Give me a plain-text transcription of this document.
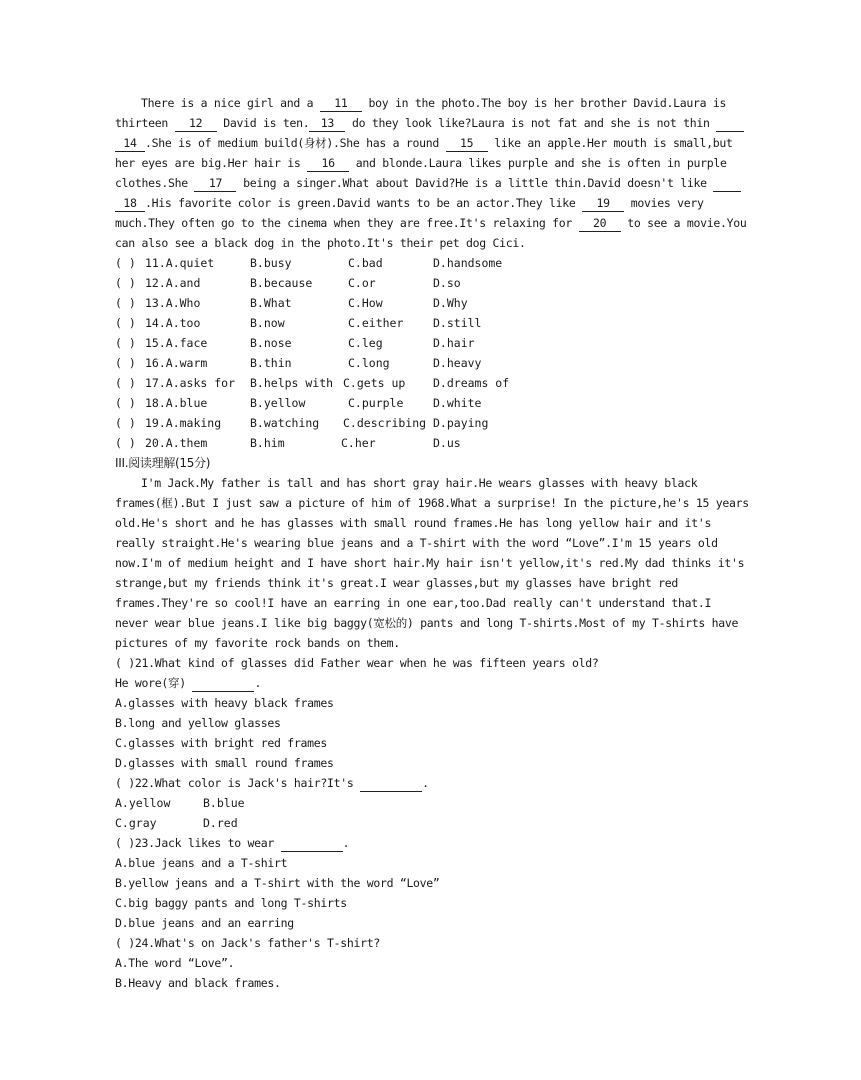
There is a nice girl and a 11 boy in the photo.The boy is her brother David.Laura is
thirteen 12 David is ten. 13 do they look like?Laura is not fat and she is not thin
14 .She is of medium build(身材).She has a round 15 like an apple.Her mouth is small,but
her eyes are big.Her hair is 16 and blonde.Laura likes purple and she is often in purple
clothes.She 17 being a singer.What about David?He is a little thin.David doesn't like
18 .His favorite color is green.David wants to be an actor.They like 19 movies very
much.They often go to the cinema when they are free.It's relaxing for 20 to see a movie.You
can also see a black dog in the photo.It's their pet dog Cici.
( ) 11.A.quiet	B.busy	C.bad	D.handsome
( ) 12.A.and	B.because	C.or	D.so
( ) 13.A.Who	B.What	C.How	D.Why
( ) 14.A.too	B.now	C.either	D.still
( ) 15.A.face	B.nose	C.leg	D.hair
( ) 16.A.warm	B.thin	C.long	D.heavy
( ) 17.A.asks for B.helps with C.gets up D.dreams of
( ) 18.A.blue	B.yellow	C.purple	D.white
( ) 19.A.making	B.watching C.describing D.paying
( ) 20.A.them	B.him	C.her	D.us
III.阅读理解(15分)
I'm Jack.My father is tall and has short gray hair.He wears glasses with heavy black
frames(框).But I just saw a picture of him of 1968.What a surprise! In the picture,he's 15 years
old.He's short and he has glasses with small round frames.He has long yellow hair and it's
really straight.He's wearing blue jeans and a T-shirt with the word “Love”.I'm 15 years old
now.I'm of medium height and I have short hair.My hair isn't yellow,it's red.My dad thinks it's
strange,but my friends think it's great.I wear glasses,but my glasses have bright red
frames.They're so cool!I have an earring in one ear,too.Dad really can't understand that.I
never wear blue jeans.I like big baggy(宽松的) pants and long T-shirts.Most of my T-shirts have
pictures of my favorite rock bands on them.
( )21.What kind of glasses did Father wear when he was fifteen years old?
He wore(穿)	.
A.glasses with heavy black frames
B.long and yellow glasses
C.glasses with bright red frames
D.glasses with small round frames
( )22.What color is Jack's hair?It's	.
A.yellow	B.blue
C.gray	D.red
( )23.Jack likes to wear	.
A.blue jeans and a T-shirt
B.yellow jeans and a T-shirt with the word “Love”
C.big baggy pants and long T-shirts
D.blue jeans and an earring
( )24.What's on Jack's father's T-shirt?
A.The word “Love”.
B.Heavy and black frames.
